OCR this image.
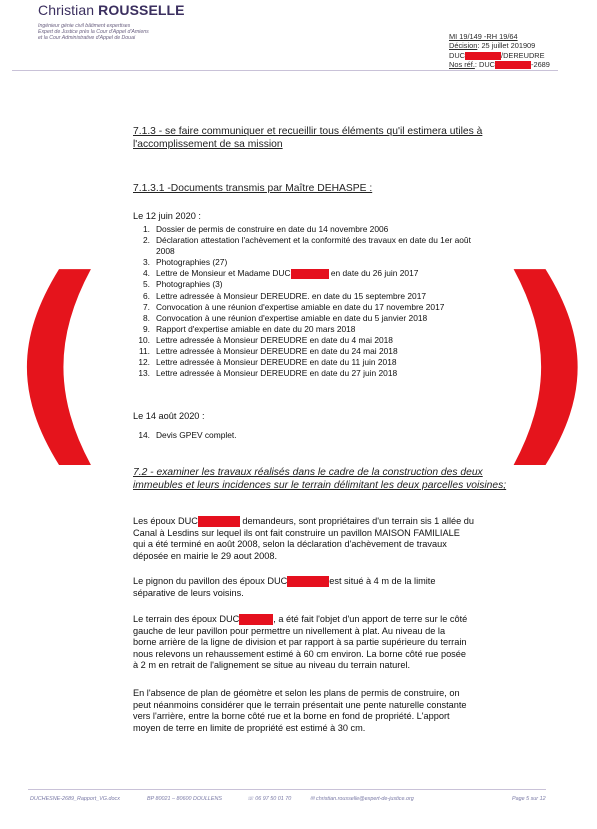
Christian ROUSSELLE
Ingénieur génie civil bâtiment expertises
Expert de Justice près la Cour d'Appel d'Amiens
et la Cour Administrative d'Appel de Douai	MI 19/149 -RH 19/64
Décision: 25 juillet 201909
DUC	/DEREUDRE
Nos réf.: DUC	-2689
7.1.3 - se faire communiquer et recueillir tous éléments qu'il estimera utiles à
l'accomplissement de sa mission
7.1.3.1 -Documents transmis par Maître DEHASPE :
Le 12 juin 2020 :
1. Dossier de permis de construire en date du 14 novembre 2006
2. Déclaration attestation l'achèvement et la conformité des travaux en date du 1er août
2008
3. Photographies (27)
4. Lettre de Monsieur et Madame DUC	en date du 26 juin 2017
5. Photographies (3)
6. Lettre adressée à Monsieur DEREUDRE. en date du 15 septembre 2017
7. Convocation à une réunion d'expertise amiable en date du 17 novembre 2017
8. Convocation à une réunion d'expertise amiable en date du 5 janvier 2018
9. Rapport d'expertise amiable en date du 20 mars 2018
10. Lettre adressée à Monsieur DEREUDRE en date du 4 mai 2018
11. Lettre adressée à Monsieur DEREUDRE en date du 24 mai 2018
12. Lettre adressée à Monsieur DEREUDRE en date du 11 juin 2018
13. Lettre adressée à Monsieur DEREUDRE en date du 27 juin 2018
Le 14 août 2020 :
14. Devis GPEV complet.
7.2 - examiner les travaux réalisés dans le cadre de la construction des deux
immeubles et leurs incidences sur le terrain délimitant les deux parcelles voisines;
Les époux DUC	demandeurs, sont propriétaires d'un terrain sis 1 allée du
Canal à Lesdins sur lequel ils ont fait construire un pavillon MAISON FAMILIALE
qui a été terminé en août 2008, selon la déclaration d'achèvement de travaux
déposée en mairie le 29 aout 2008.
Le pignon du pavillon des époux DUC	est situé à 4 m de la limite
séparative de leurs voisins.
Le terrain des époux DUC	, a été fait l'objet d'un apport de terre sur le côté
gauche de leur pavillon pour permettre un nivellement à plat. Au niveau de la
borne arrière de la ligne de division et par rapport à sa partie supérieure du terrain
nous relevons un rehaussement estimé à 60 cm environ. La borne côté rue posée
à 2 m en retrait de l'alignement se situe au niveau du terrain naturel.
En l'absence de plan de géomètre et selon les plans de permis de construire, on
peut néanmoins considérer que le terrain présentait une pente naturelle constante
vers l'arrière, entre la borne côté rue et la borne en fond de propriété. L'apport
moyen de terre en limite de propriété est estimé à 30 cm.
( )
DUCHESNE-2689_Rapport_VG.docx	BP 80021 – 80600 DOULLENS	☏ 06 97 50 01 70	✉ christian.rousselle@expert-de-justice.org	Page 5 sur 12
